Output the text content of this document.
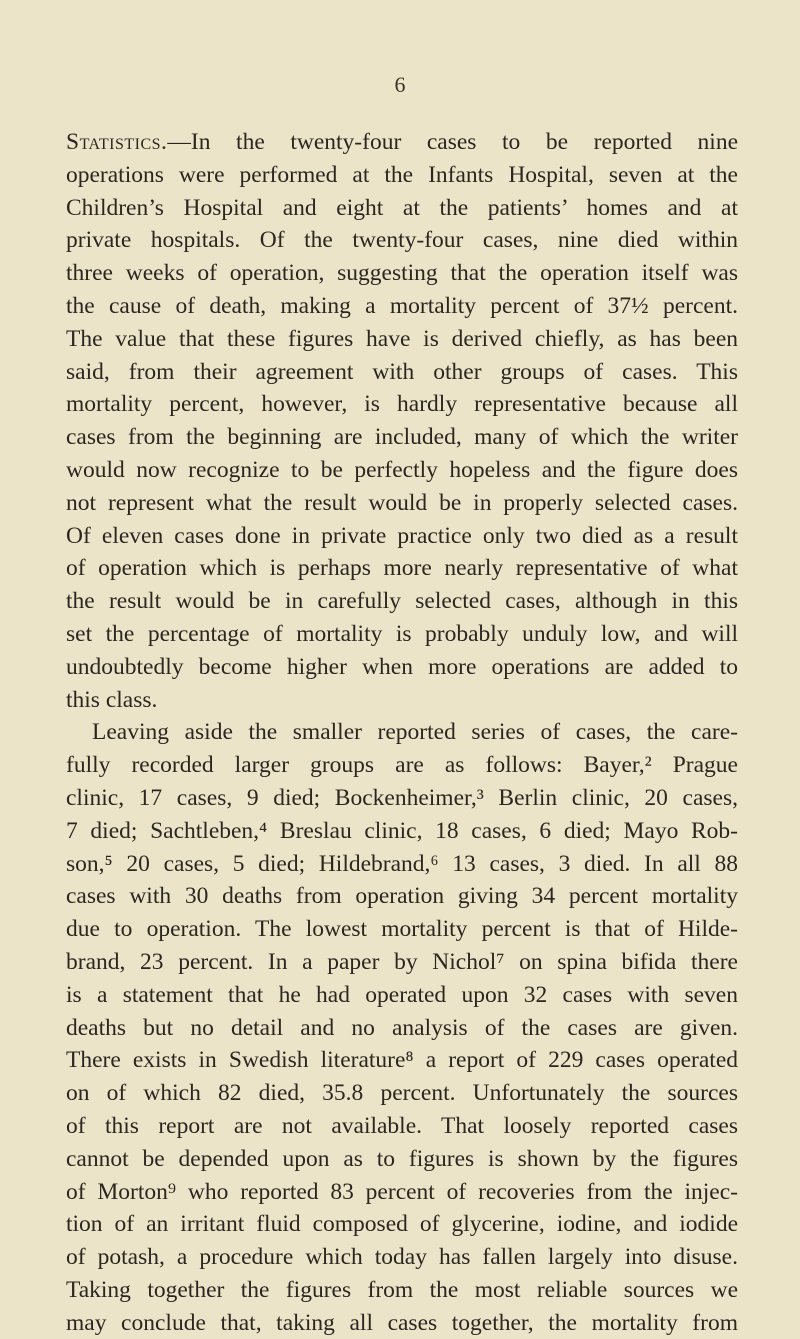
6

Statistics.—In the twenty-four cases to be reported nine

operations were performed at the Infants Hospital, seven at the

Children’s Hospital and eight at the patients’ homes and at

private hospitals. Of the twenty-four cases, nine died within

three weeks of operation, suggesting that the operation itself was

the cause of death, making a mortality percent of 37½ percent.

The value that these figures have is derived chiefly, as has been

said, from their agreement with other groups of cases. This

mortality percent, however, is hardly representative because all

cases from the beginning are included, many of which the writer

would now recognize to be perfectly hopeless and the figure does

not represent what the result would be in properly selected cases.

Of eleven cases done in private practice only two died as a result

of operation which is perhaps more nearly representative of what

the result would be in carefully selected cases, although in this

set the percentage of mortality is probably unduly low, and will

undoubtedly become higher when more operations are added to

this class.

Leaving aside the smaller reported series of cases, the care-

fully recorded larger groups are as follows: Bayer,² Prague

clinic, 17 cases, 9 died; Bockenheimer,³ Berlin clinic, 20 cases,

7 died; Sachtleben,⁴ Breslau clinic, 18 cases, 6 died; Mayo Rob-

son,⁵ 20 cases, 5 died; Hildebrand,⁶ 13 cases, 3 died. In all 88

cases with 30 deaths from operation giving 34 percent mortality

due to operation. The lowest mortality percent is that of Hilde-

brand, 23 percent. In a paper by Nichol⁷ on spina bifida there

is a statement that he had operated upon 32 cases with seven

deaths but no detail and no analysis of the cases are given.

There exists in Swedish literature⁸ a report of 229 cases operated

on of which 82 died, 35.8 percent. Unfortunately the sources

of this report are not available. That loosely reported cases

cannot be depended upon as to figures is shown by the figures

of Morton⁹ who reported 83 percent of recoveries from the injec-

tion of an irritant fluid composed of glycerine, iodine, and iodide

of potash, a procedure which today has fallen largely into disuse.

Taking together the figures from the most reliable sources we

may conclude that, taking all cases together, the mortality from
